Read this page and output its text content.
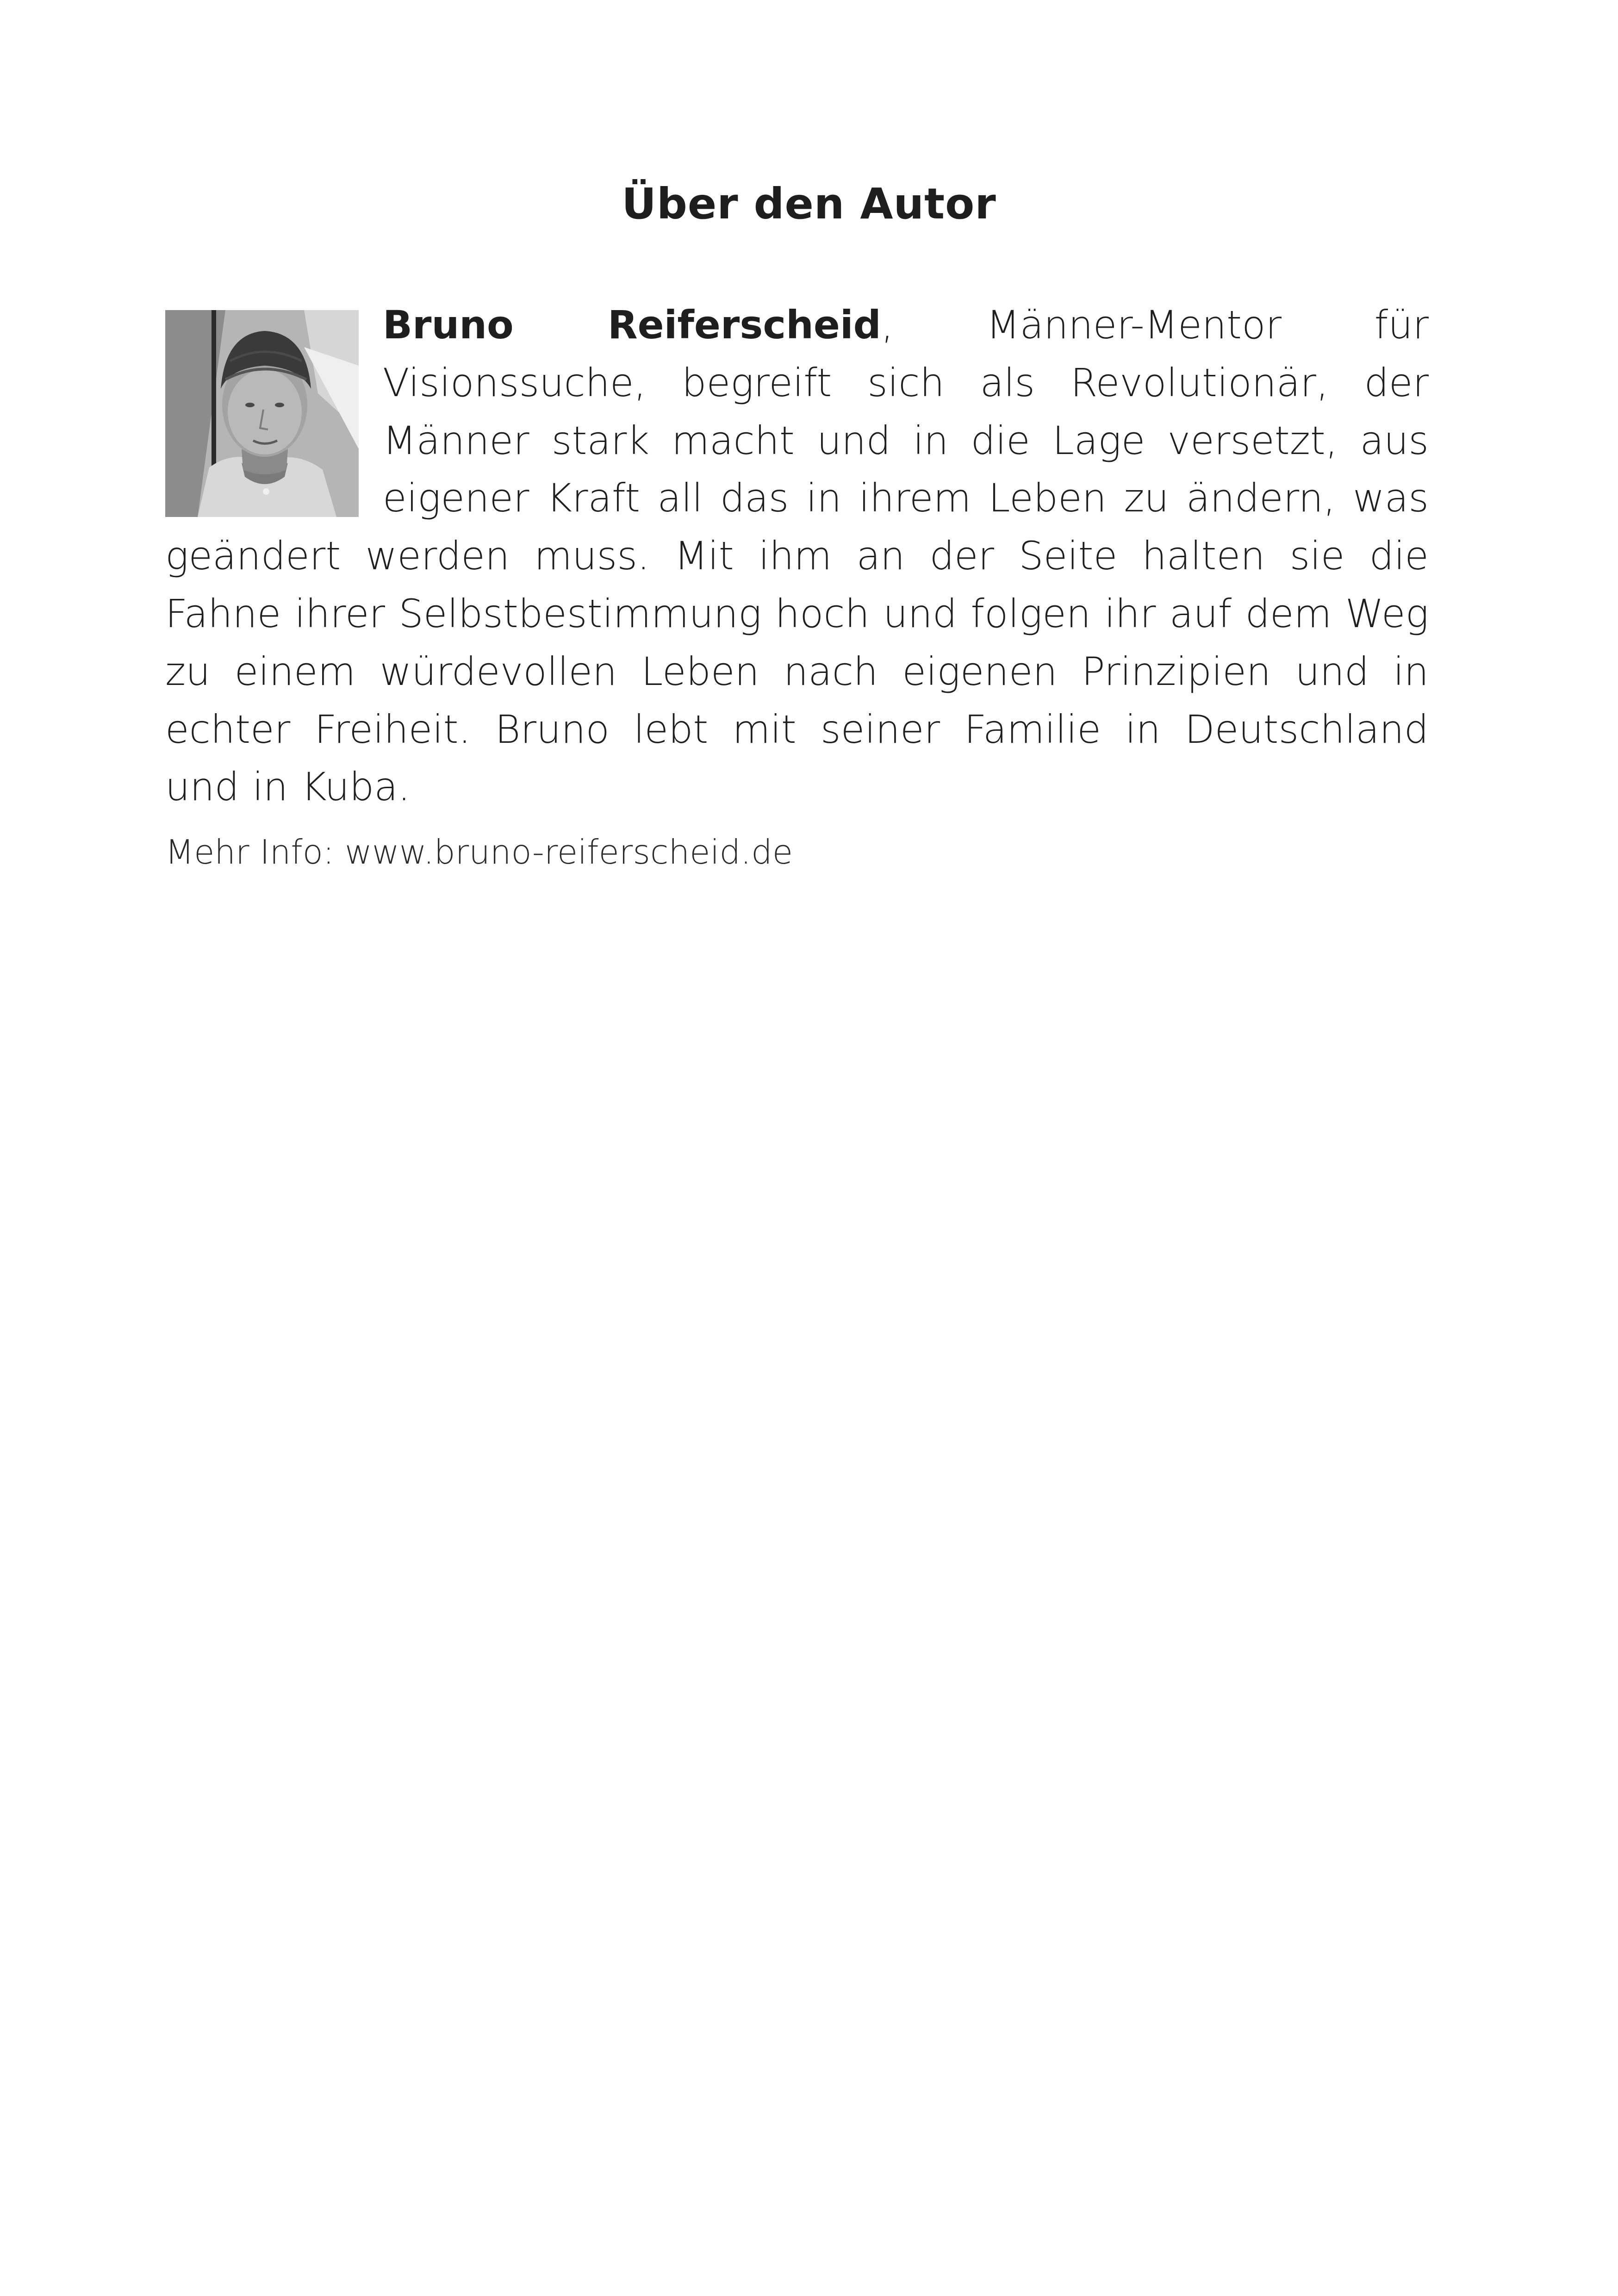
Über den Autor

Bruno Reiferscheid, Männer-Mentor für Visionssuche, begreift sich als Revolutionär, der Männer stark macht und in die Lage versetzt, aus eigener Kraft all das in ihrem Leben zu ändern, was geändert werden muss. Mit ihm an der Seite halten sie die Fahne ihrer Selbstbestimmung hoch und folgen ihr auf dem Weg zu einem würdevollen Leben nach eigenen Prinzipien und in echter Freiheit. Bruno lebt mit seiner Familie in Deutschland und in Kuba.

Mehr Info: www.bruno-reiferscheid.de
